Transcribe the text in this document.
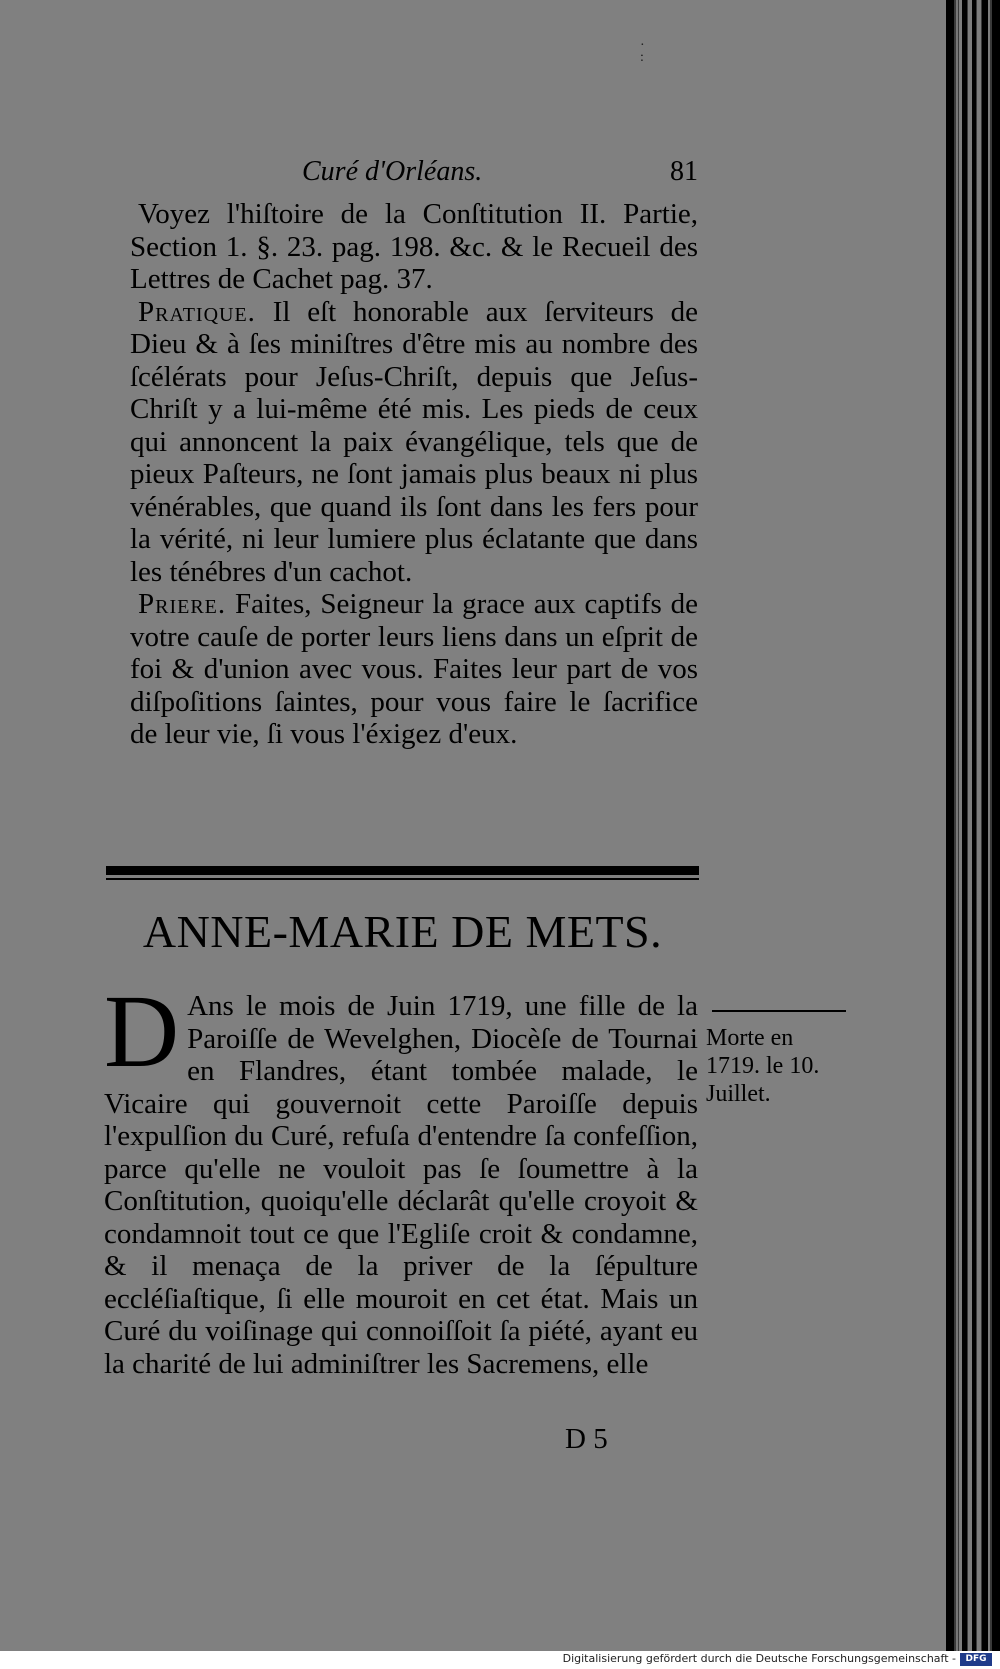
·
:
Curé d'Orléans.	81

Voyez l'hiſtoire de la Conſtitution II. Partie, Section 1. §. 23. pag. 198. &c. & le Recueil des Lettres de Cachet pag. 37.

Pratique. Il eſt honorable aux ſerviteurs de Dieu & à ſes miniſtres d'être mis au nombre des ſcélérats pour Jeſus-Chriſt, depuis que Jeſus-Chriſt y a lui-même été mis. Les pieds de ceux qui annoncent la paix évangélique, tels que de pieux Paſteurs, ne ſont jamais plus beaux ni plus vénérables, que quand ils ſont dans les fers pour la vérité, ni leur lumiere plus éclatante que dans les ténébres d'un cachot.

Priere. Faites, Seigneur la grace aux captifs de votre cauſe de porter leurs liens dans un eſprit de foi & d'union avec vous. Faites leur part de vos diſpoſitions ſaintes, pour vous faire le ſacrifice de leur vie, ſi vous l'éxigez d'eux.

ANNE-MARIE DE METS.

D Ans le mois de Juin 1719, une fille de la Paroiſſe de Wevelghen, Diocèſe de Tournai en Flandres, étant tombée malade, le Vicaire qui gouvernoit cette Paroiſſe depuis l'expulſion du Curé, refuſa d'entendre ſa confeſſion, parce qu'elle ne vouloit pas ſe ſoumettre à la Conſtitution, quoiqu'elle déclarât qu'elle croyoit & condamnoit tout ce que l'Egliſe croit & condamne, & il menaça de la priver de la ſépulture eccléſiaſtique, ſi elle mouroit en cet état. Mais un Curé du voiſinage qui connoiſſoit ſa piété, ayant eu la charité de lui adminiſtrer les Sacremens, elle

Morte en
1719. le 10.
Juillet.
D 5
Digitalisierung gefördert durch die Deutsche Forschungsgemeinschaft -	DFG
